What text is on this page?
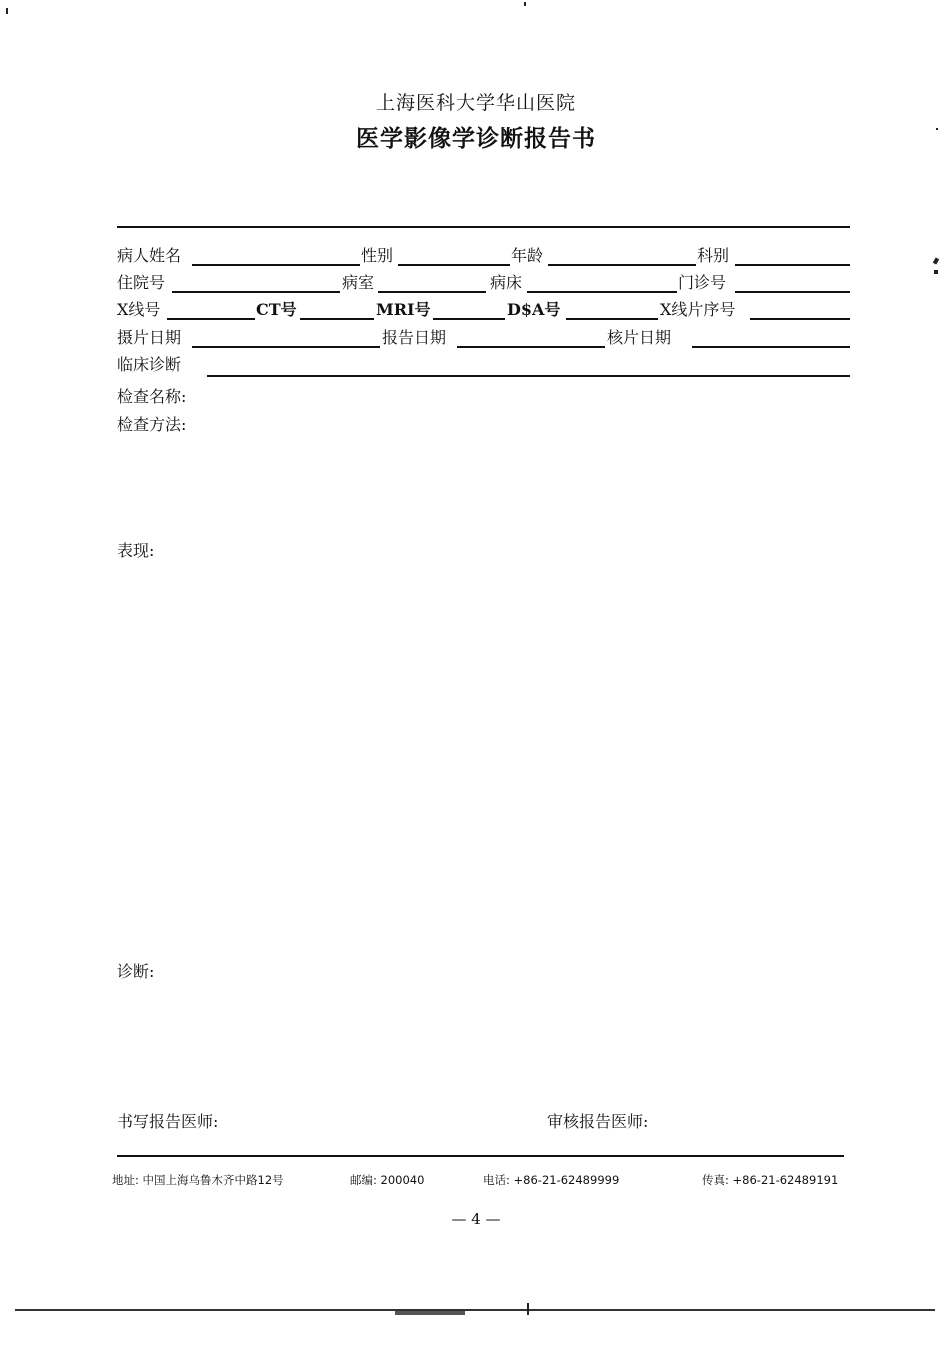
上海医科大学华山医院
医学影像学诊断报告书
病人姓名	性别	年龄	科别
住院号	病室	病床	门诊号
X线号	CT号	MRI号	D$A号	X线片序号
摄片日期	报告日期	核片日期
临床诊断
检查名称:
检查方法:
表现:
诊断:
书写报告医师:	审核报告医师:
地址: 中国上海乌鲁木齐中路12号	邮编: 200040	电话: +86-21-62489999	传真: +86-21-62489191
— 4 —
